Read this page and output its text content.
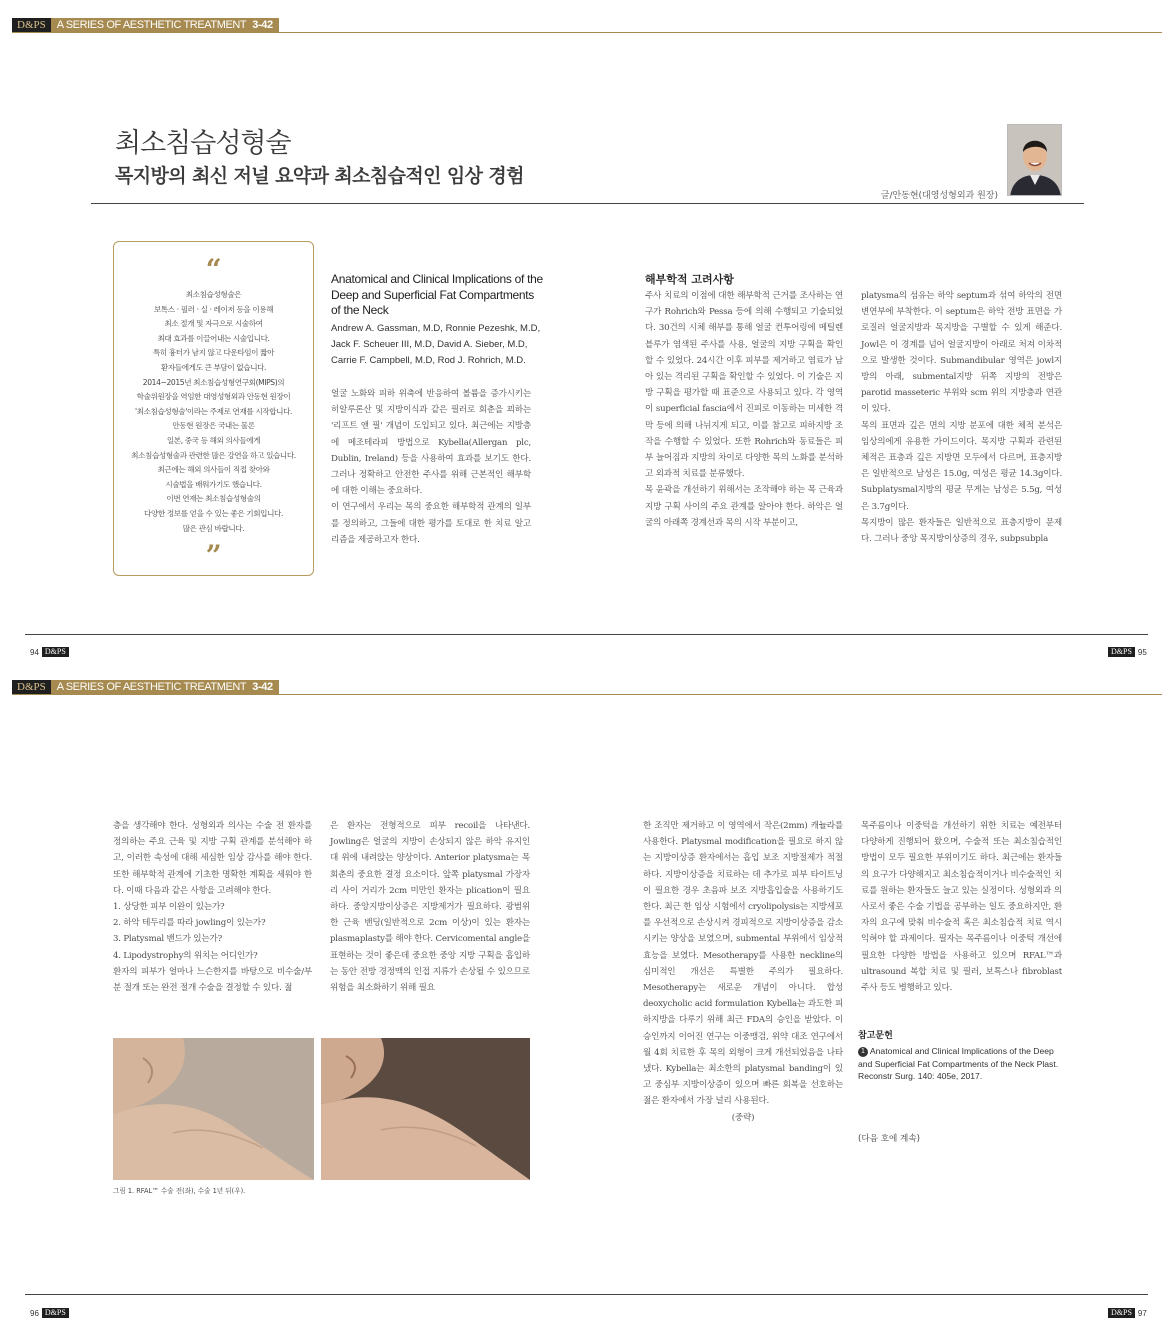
D&PS	A SERIES OF AESTHETIC TREATMENT 3-42
최소침습성형술
목지방의 최신 저널 요약과 최소침습적인 임상 경험
글/안동현(대영성형외과 원장)
“
최소침습성형술은
보톡스 · 필러 · 실 · 레이저 등을 이용해
최소 절개 및 자극으로 시술하여
최대 효과를 이끌어내는 시술입니다.
특히 흉터가 남지 않고 다운타임이 짧아
환자들에게도 큰 부담이 없습니다.
2014~2015년 최소침습성형연구회(MIPS)의
학술위원장을 역임한 대영성형외과 안동현 원장이
'최소침습성형술'이라는 주제로 연재를 시작합니다.
안동현 원장은 국내는 물론
일본, 중국 등 해외 의사들에게
최소침습성형술과 관련한 많은 강연을 하고 있습니다.
최근에는 해외 의사들이 직접 찾아와
시술법을 배워가기도 했습니다.
이번 연재는 최소침습성형술의
다양한 정보를 얻을 수 있는 좋은 기회입니다.
많은 관심 바랍니다.
”
Anatomical and Clinical Implications of the Deep and Superficial Fat Compartments of the Neck
Andrew A. Gassman, M.D, Ronnie Pezeshk, M.D, Jack F. Scheuer III, M.D, David A. Sieber, M.D, Carrie F. Campbell, M.D, Rod J. Rohrich, M.D.

얼굴 노화와 피하 위축에 반응하여 볼륨을 증가시키는 히알루론산 및 지방이식과 같은 필러로 회춘을 꾀하는 '리프트 앤 필' 개념이 도입되고 있다. 최근에는 지방층에 메조테라피 방법으로 Kybella(Allergan plc, Dublin, Ireland) 등을 사용하여 효과를 보기도 한다. 그러나 정확하고 안전한 주사를 위해 근본적인 해부학에 대한 이해는 중요하다.

이 연구에서 우리는 목의 중요한 해부학적 관계의 일부를 정의하고, 그들에 대한 평가를 토대로 한 치료 알고리즘을 제공하고자 한다.

해부학적 고려사항

주사 치료의 이점에 대한 해부학적 근거를 조사하는 연구가 Rohrich와 Pessa 등에 의해 수행되고 기술되었다. 30건의 시체 해부를 통해 얼굴 컨투어링에 메틸렌블루가 염색된 주사를 사용, 얼굴의 지방 구획을 확인할 수 있었다. 24시간 이후 피부를 제거하고 염료가 남아 있는 격리된 구획을 확인할 수 있었다. 이 기술은 지방 구획을 평가할 때 표준으로 사용되고 있다. 각 영역이 superficial fascia에서 진피로 이동하는 미세한 격막 등에 의해 나뉘지게 되고, 이를 참고로 피하지방 조작을 수행할 수 있었다. 또한 Rohrich와 동료들은 피부 늘어짐과 지방의 차이로 다양한 목의 노화를 분석하고 외과적 치료를 분류했다.

목 윤곽을 개선하기 위해서는 조작해야 하는 목 근육과 지방 구획 사이의 주요 관계를 알아야 한다. 하악은 얼굴의 아래쪽 경계선과 목의 시작 부분이고,

platysma의 섬유는 하악 septum과 섞여 하악의 전면 변연부에 부착한다. 이 septum은 하악 전방 표면을 가로질러 얼굴지방과 목지방을 구별할 수 있게 해준다. Jowl은 이 경계를 넘어 얼굴지방이 아래로 처져 이차적으로 발생한 것이다. Submandibular 영역은 jowl지방의 아래, submental지방 뒤쪽 지방의 전방은 parotid masseteric 부위와 scm 위의 지방층과 연관이 있다.

목의 표면과 깊은 면의 지방 분포에 대한 체적 분석은 임상의에게 유용한 가이드이다. 목지방 구획과 관련된 체적은 표층과 깊은 지방면 모두에서 다르며, 표층지방은 일반적으로 남성은 15.0g, 여성은 평균 14.3g이다. Subplatysmal지방의 평균 무게는 남성은 5.5g, 여성은 3.7g이다.

목지방이 많은 환자들은 일반적으로 표층지방이 문제다. 그러나 중앙 목지방이상증의 경우, subpsubpla

94 D&PS	D&PS 95
D&PS	A SERIES OF AESTHETIC TREATMENT 3-42

층을 생각해야 한다. 성형외과 의사는 수술 전 환자를 정의하는 주요 근육 및 지방 구획 관계를 분석해야 하고, 이러한 속성에 대해 세심한 임상 감사를 해야 한다. 또한 해부학적 관계에 기초한 명확한 계획을 세워야 한다. 이때 다음과 같은 사항을 고려해야 한다.

1. 상당한 피부 이완이 있는가?

2. 하악 테두리를 따라 jowling이 있는가?

3. Platysmal 밴드가 있는가?

4. Lipodystrophy의 위치는 어디인가?

환자의 피부가 얼마나 느슨한지를 바탕으로 비수술/부분 절개 또는 완전 절개 수술을 결정할 수 있다. 젊

은 환자는 전형적으로 피부 recoil을 나타낸다. Jowling은 얼굴의 지방이 손상되지 않은 하악 유지인대 위에 내려앉는 양상이다. Anterior platysma는 목 회춘의 중요한 결정 요소이다. 앞쪽 platysmal 가장자리 사이 거리가 2cm 미만인 환자는 plication이 필요하다. 중앙지방이상증은 지방제거가 필요하다. 광범위한 근육 밴딩(일반적으로 2cm 이상)이 있는 환자는 plasmaplasty를 해야 한다. Cervicomental angle을 표현하는 것이 좋은데 중요한 중앙 지방 구획을 흡입하는 동안 전방 경정맥의 인접 지류가 손상될 수 있으므로 위험을 최소화하기 위해 필요

그림 1. RFAL™ 수술 전(좌), 수술 1년 뒤(우).

한 조직만 제거하고 이 영역에서 작은(2mm) 캐뉼라를 사용한다. Platysmal modification을 필요로 하지 않는 지방이상증 환자에서는 흡입 보조 지방절제가 적절하다. 지방이상증을 치료하는 데 추가로 피부 타이트닝이 필요한 경우 초음파 보조 지방흡입술을 사용하기도 한다. 최근 한 임상 시험에서 cryolipolysis는 지방세포를 우선적으로 손상시켜 경피적으로 지방이상증을 감소시키는 양상을 보였으며, submental 부위에서 임상적 효능을 보였다. Mesotherapy를 사용한 neckline의 심미적인 개선은 특별한 주의가 필요하다. Mesotherapy는 새로운 개념이 아니다. 합성 deoxycholic acid formulation Kybella는 과도한 피하지방을 다루기 위해 최근 FDA의 승인을 받았다. 이 승인까지 이어진 연구는 이중맹검, 위약 대조 연구에서 월 4회 치료한 후 목의 외형이 크게 개선되었음을 나타냈다. Kybella는 최소한의 platysmal banding이 있고 중심부 지방이상증이 있으며 빠른 회복을 선호하는 젊은 환자에서 가장 널리 사용된다.

(중략)

목주름이나 이중턱을 개선하기 위한 치료는 예전부터 다양하게 진행되어 왔으며, 수술적 또는 최소침습적인 방법이 모두 필요한 부위이기도 하다. 최근에는 환자들의 요구가 다양해지고 최소침습적이거나 비수술적인 치료를 원하는 환자들도 늘고 있는 실정이다. 성형외과 의사로서 좋은 수술 기법을 공부하는 일도 중요하지만, 환자의 요구에 맞춰 비수술적 혹은 최소침습적 치료 역시 익혀야 할 과제이다. 필자는 목주름이나 이중턱 개선에 필요한 다양한 방법을 사용하고 있으며 RFAL™과 ultrasound 복합 치료 및 필러, 보톡스나 fibroblast 주사 등도 병행하고 있다.

참고문헌
1 Anatomical and Clinical Implications of the Deep and Superficial Fat Compartments of the Neck Plast. Reconstr Surg. 140: 405e, 2017.
(다음 호에 계속)
96 D&PS	D&PS 97
